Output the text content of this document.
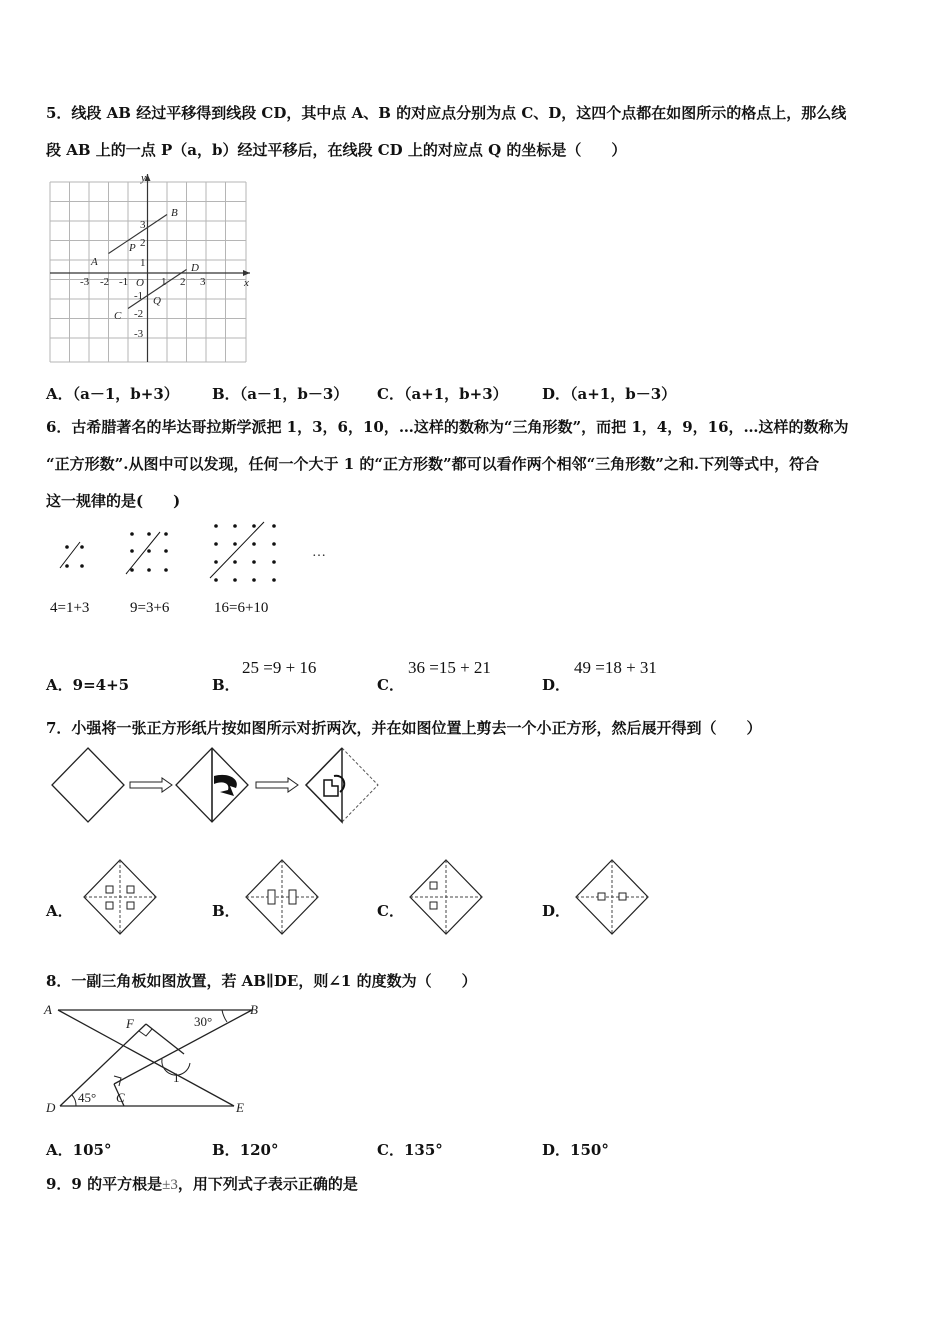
5．线段 AB 经过平移得到线段 CD，其中点 A、B 的对应点分别为点 C、D，这四个点都在如图所示的格点上，那么线
段 AB 上的一点 P（a，b）经过平移后，在线段 CD 上的对应点 Q 的坐标是（　　）
y
x
O
A
B
C
D
P
Q
-3 -2 -1	1 2 3
3
2
1
-1
-2
-3
A．（a－1，b+3） B．（a－1，b－3） C．（a+1，b+3） D．（a+1，b－3）
6．古希腊著名的毕达哥拉斯学派把 1，3，6，10，…这样的数称为“三角形数”，而把 1，4，9，16，…这样的数称为
“正方形数”.从图中可以发现，任何一个大于 1 的“正方形数”都可以看作两个相邻“三角形数”之和.下列等式中，符合
这一规律的是(　　)
…
4=1+3	9=3+6	16=6+10
A．9=4+5	B．
25 =9 + 16
C．
36 =15 + 21
D．
49 =18 + 31
7．小强将一张正方形纸片按如图所示对折两次，并在如图位置上剪去一个小正方形，然后展开得到（　　）
A．	B．	C．	D．
8．一副三角板如图放置，若 AB∥DE，则∠1 的度数为（　　）
A	B
F	30°
D
45° C
E
1
A．105°	B．120°	C．135°	D．150°
9．9 的平方根是±3，用下列式子表示正确的是
